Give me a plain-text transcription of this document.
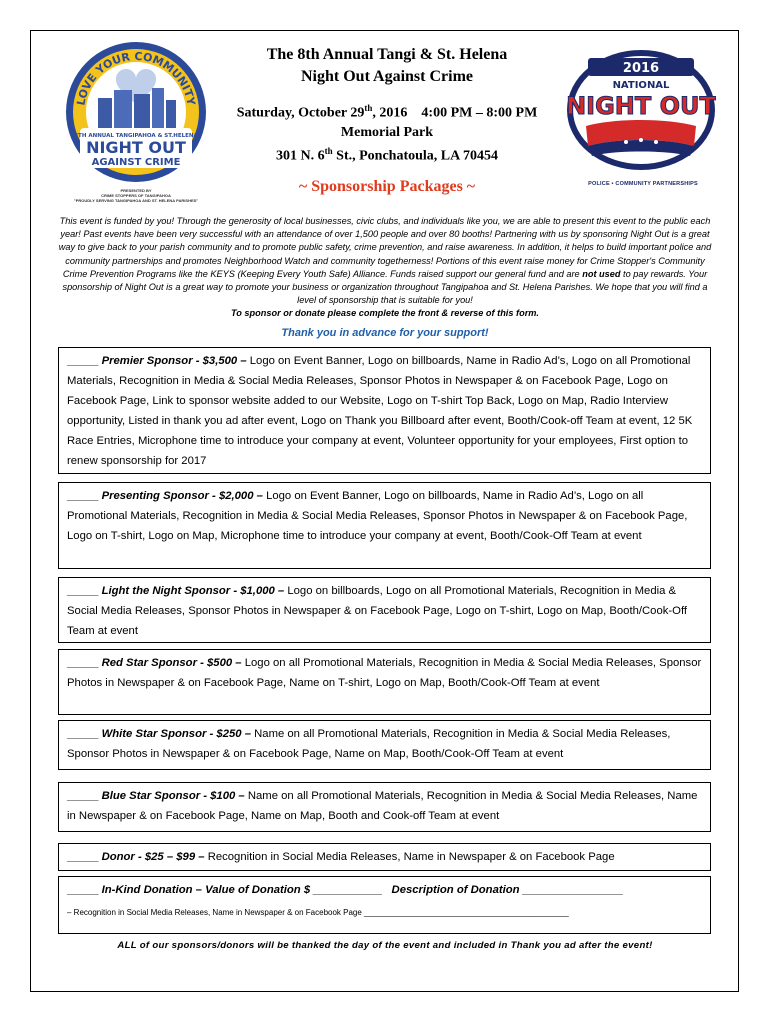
LOVE YOUR COMMUNITY
8TH ANNUAL TANGIPAHOA & ST.HELENA
NIGHT OUT
AGAINST CRIME
PRESENTED BY
CRIME STOPPERS OF TANGIPAHOA
"PROUDLY SERVING TANGIPAHOA AND ST. HELENA PARISHES"
2016
NATIONAL
NIGHT OUT
POLICE • COMMUNITY PARTNERSHIPS
The 8th Annual Tangi & St. Helena
Night Out Against Crime
Saturday, October 29th, 2016    4:00 PM – 8:00 PM
Memorial Park
301 N. 6th St., Ponchatoula, LA 70454
~ Sponsorship Packages ~
This event is funded by you! Through the generosity of local businesses, civic clubs, and individuals like you, we are able to present this event to the public each year! Past events have been very successful with an attendance of over 1,500 people and over 80 booths! Partnering with us by sponsoring Night Out is a great way to give back to your parish community and to promote public safety, crime prevention, and raise awareness. In addition, it helps to build important police and community partnerships and promotes Neighborhood Watch and community togetherness! Portions of this event raise money for Crime Stopper's Community Crime Prevention Programs like the KEYS (Keeping Every Youth Safe) Alliance. Funds raised support our general fund and are not used to pay rewards. Your sponsorship of Night Out is a great way to promote your business or organization throughout Tangipahoa and St. Helena Parishes. We hope that you will find a level of sponsorship that is suitable for you!
To sponsor or donate please complete the front & reverse of this form.
Thank you in advance for your support!
_____ Premier Sponsor - $3,500 – Logo on Event Banner, Logo on billboards, Name in Radio Ad’s, Logo on all Promotional Materials, Recognition in Media & Social Media Releases, Sponsor Photos in Newspaper & on Facebook Page, Logo on Facebook Page, Link to sponsor website added to our Website, Logo on T-shirt Top Back, Logo on Map, Radio Interview opportunity, Listed in thank you ad after event, Logo on Thank you Billboard after event, Booth/Cook-off Team at event, 12 5K Race Entries, Microphone time to introduce your company at event, Volunteer opportunity for your employees, First option to renew sponsorship for 2017
_____ Presenting Sponsor - $2,000 – Logo on Event Banner, Logo on billboards, Name in Radio Ad’s, Logo on all Promotional Materials, Recognition in Media & Social Media Releases, Sponsor Photos in Newspaper & on Facebook Page, Logo on T-shirt, Logo on Map, Microphone time to introduce your company at event, Booth/Cook-Off Team at event
_____ Light the Night Sponsor - $1,000 – Logo on billboards, Logo on all Promotional Materials, Recognition in Media & Social Media Releases, Sponsor Photos in Newspaper & on Facebook Page, Logo on T-shirt, Logo on Map, Booth/Cook-Off Team at event
_____ Red Star Sponsor - $500 – Logo on all Promotional Materials, Recognition in Media & Social Media Releases, Sponsor Photos in Newspaper & on Facebook Page, Name on T-shirt, Logo on Map, Booth/Cook-Off Team at event
_____ White Star Sponsor - $250 – Name on all Promotional Materials, Recognition in Media & Social Media Releases, Sponsor Photos in Newspaper & on Facebook Page, Name on Map, Booth/Cook-Off Team at event
_____ Blue Star Sponsor - $100 – Name on all Promotional Materials, Recognition in Media & Social Media Releases, Name in Newspaper & on Facebook Page, Name on Map, Booth and Cook-off Team at event
_____ Donor - $25 – $99 – Recognition in Social Media Releases, Name in Newspaper & on Facebook Page
_____ In-Kind Donation – Value of Donation $ ___________ Description of Donation ________________
– Recognition in Social Media Releases, Name in Newspaper & on Facebook Page ______________________________________________
ALL of our sponsors/donors will be thanked the day of the event and included in Thank you ad after the event!
